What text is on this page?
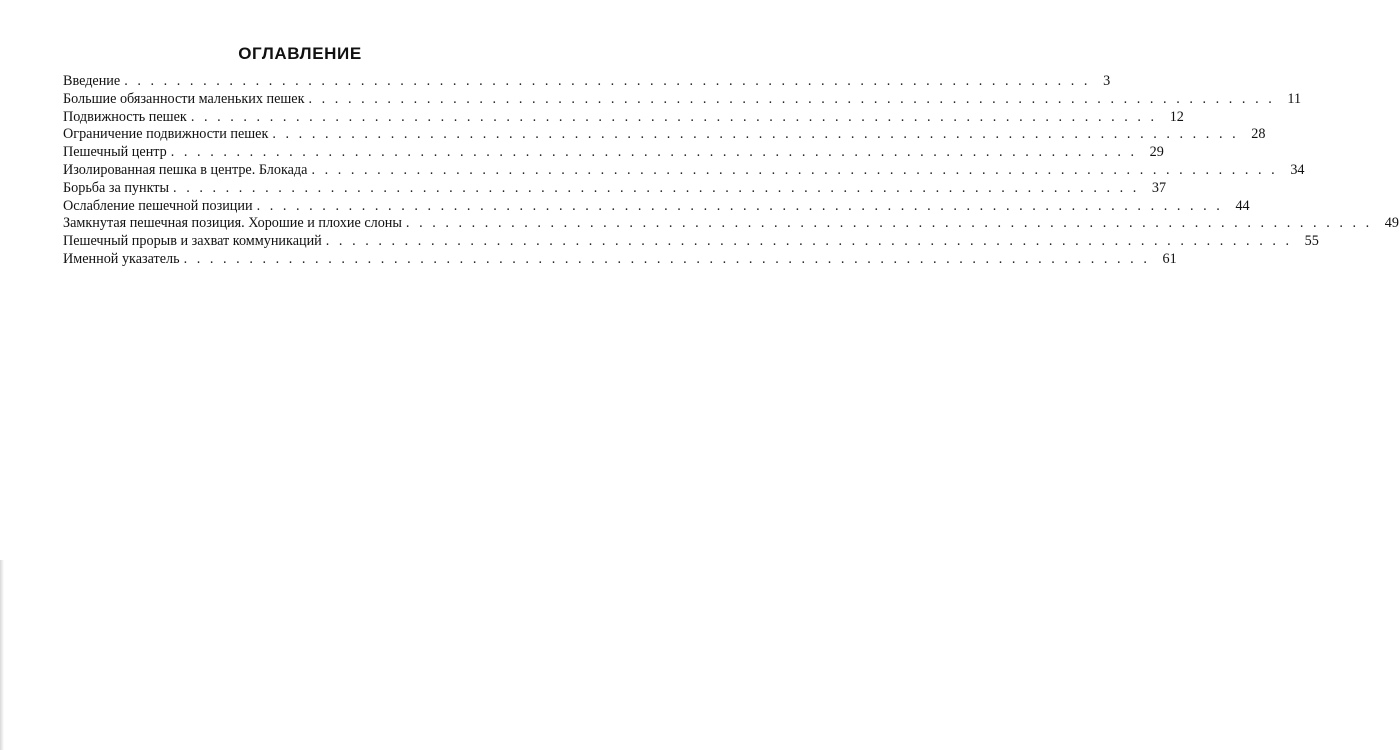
ОГЛАВЛЕНИЕ
Введение .......................................................................... 3
Большие обязанности маленьких пешек .......................................................................... 11
Подвижность пешек .......................................................................... 12
Ограничение подвижности пешек .......................................................................... 28
Пешечный центр .......................................................................... 29
Изолированная пешка в центре. Блокада .......................................................................... 34
Борьба за пункты .......................................................................... 37
Ослабление пешечной позиции .......................................................................... 44
Замкнутая пешечная позиция. Хорошие и плохие слоны .......................................................................... 49
Пешечный прорыв и захват коммуникаций .......................................................................... 55
Именной указатель .......................................................................... 61
